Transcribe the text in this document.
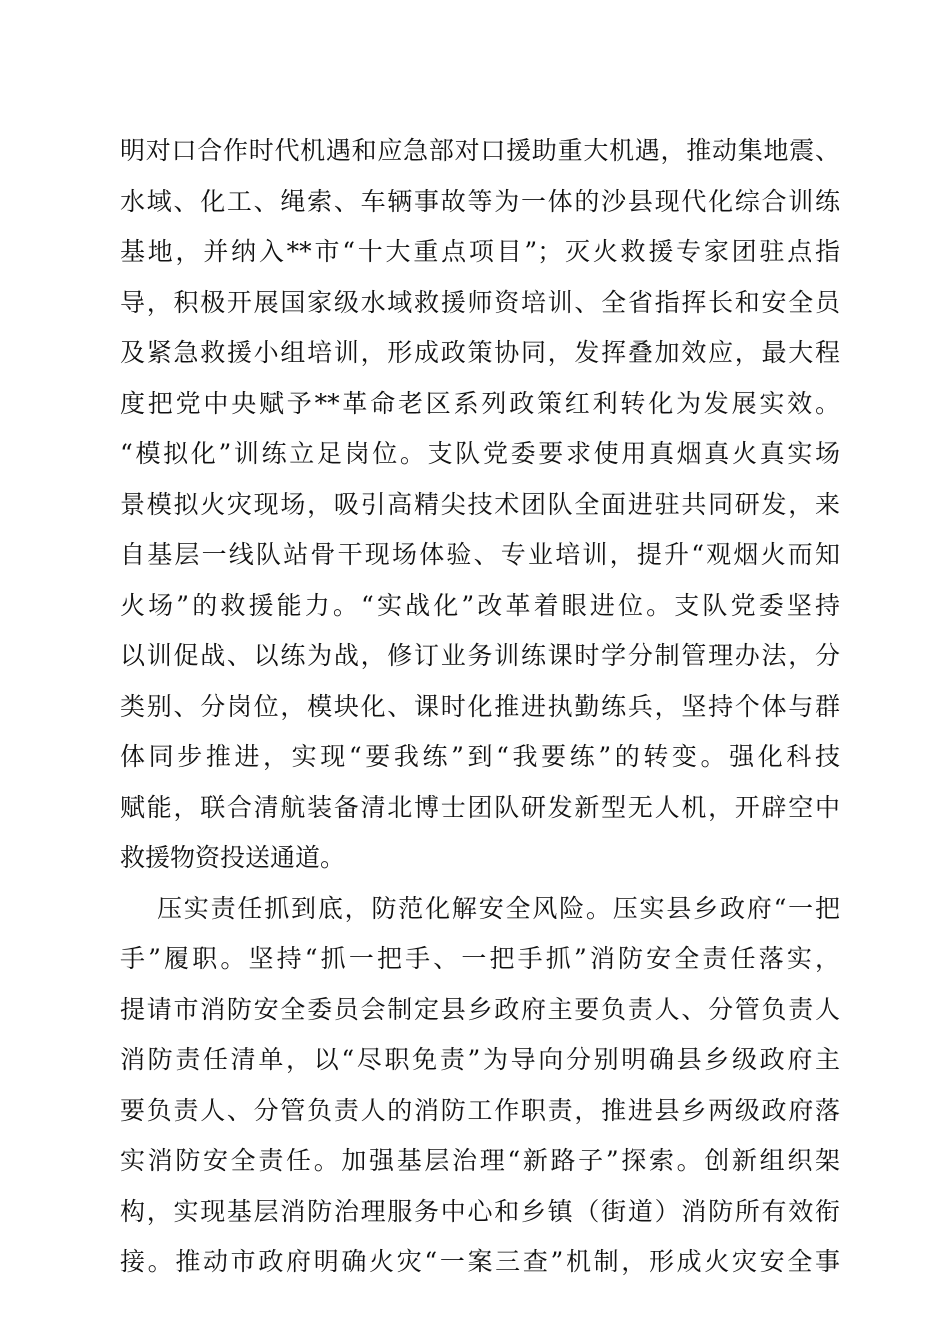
明对口合作时代机遇和应急部对口援助重大机遇，推动集地震、
水域、化工、绳索、车辆事故等为一体的沙县现代化综合训练
基地，并纳入**市“十大重点项目”；灭火救援专家团驻点指
导，积极开展国家级水域救援师资培训、全省指挥长和安全员
及紧急救援小组培训，形成政策协同，发挥叠加效应，最大程
度把党中央赋予**革命老区系列政策红利转化为发展实效。
“模拟化”训练立足岗位。支队党委要求使用真烟真火真实场
景模拟火灾现场，吸引高精尖技术团队全面进驻共同研发，来
自基层一线队站骨干现场体验、专业培训，提升“观烟火而知
火场”的救援能力。“实战化”改革着眼进位。支队党委坚持
以训促战、以练为战，修订业务训练课时学分制管理办法，分
类别、分岗位，模块化、课时化推进执勤练兵，坚持个体与群
体同步推进，实现“要我练”到“我要练”的转变。强化科技
赋能，联合清航装备清北博士团队研发新型无人机，开辟空中
救援物资投送通道。
压实责任抓到底，防范化解安全风险。压实县乡政府“一把
手”履职。坚持“抓一把手、一把手抓”消防安全责任落实，
提请市消防安全委员会制定县乡政府主要负责人、分管负责人
消防责任清单，以“尽职免责”为导向分别明确县乡级政府主
要负责人、分管负责人的消防工作职责，推进县乡两级政府落
实消防安全责任。加强基层治理“新路子”探索。创新组织架
构，实现基层消防治理服务中心和乡镇（街道）消防所有效衔
接。推动市政府明确火灾“一案三查”机制，形成火灾安全事
